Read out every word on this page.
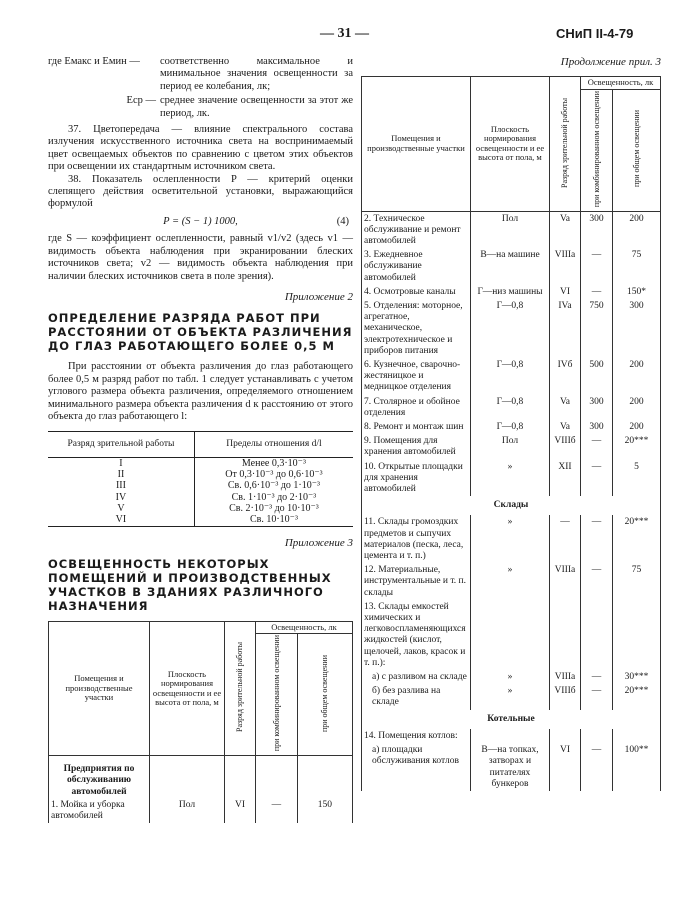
— 31 —	СНиП II-4-79
где Eмакс и Eмин —	соответственно максимальное и минимальное значения освещенности за период ее колебания, лк;
Eср — среднее значение освещенности за этот же период, лк.

37. Цветопередача — влияние спектрального состава излучения искусственного источника света на воспринимаемый цвет освещаемых объектов по сравнению с цветом этих объектов при освещении их стандартным источником света.

38. Показатель ослепленности P — критерий оценки слепящего действия осветительной установки, выражающийся формулой

P = (S − 1) 1000,	(4)

где S — коэффициент ослепленности, равный v1/v2 (здесь v1 — видимость объекта наблюдения при экранировании блеских источников света; v2 — видимость объекта наблюдения при наличии блеских источников света в поле зрения).

Приложение 2
ОПРЕДЕЛЕНИЕ РАЗРЯДА РАБОТ ПРИ РАССТОЯНИИ ОТ ОБЪЕКТА РАЗЛИЧЕНИЯ ДО ГЛАЗ РАБОТАЮЩЕГО БОЛЕЕ 0,5 М

При расстоянии от объекта различения до глаз работающего более 0,5 м разряд работ по табл. 1 следует устанавливать с учетом углового размера объекта различения, определяемого отношением минимального размера объекта различения d к расстоянию от этого объекта до глаз работающего l:

Разряд зрительной работы	Пределы отношения d/l
I	Менее 0,3·10⁻³
II	От 0,3·10⁻³ до 0,6·10⁻³
III	Св. 0,6·10⁻³ до 1·10⁻³
IV	Св. 1·10⁻³ до 2·10⁻³
V	Св. 2·10⁻³ до 10·10⁻³
VI	Св. 10·10⁻³
Приложение 3
ОСВЕЩЕННОСТЬ НЕКОТОРЫХ ПОМЕЩЕНИЙ И ПРОИЗВОДСТВЕННЫХ УЧАСТКОВ В ЗДАНИЯХ РАЗЛИЧНОГО НАЗНАЧЕНИЯ
Помещения и производственные участки	Плоскость нормирования освещенности и ее высота от пола, м	Разряд зрительной работы	Освещенность, лк	
			при комбинированном освещении	при общем освещении
Предприятия по обслуживанию автомобилей				
1. Мойка и уборка автомобилей	Пол	VI	—	150
Продолжение прил. 3
Помещения и производственные участки	Плоскость нормирования освещенности и ее высота от пола, м	Разряд зрительной работы	Освещенность, лк	
			при комбинированном освещении	при общем освещении
2. Техническое обслуживание и ремонт автомобилей	Пол	Va	300	200
3. Ежедневное обслуживание автомобилей	В—на машине	VIIIa	—	75
4. Осмотровые каналы	Г—низ машины	VI	—	150*
5. Отделения: моторное, агрегатное, механическое, электротехническое и приборов питания	Г—0,8	IVa	750	300
6. Кузнечное, сварочно-жестяницкое и медницкое отделения	Г—0,8	IVб	500	200
7. Столярное и обойное отделения	Г—0,8	Va	300	200
8. Ремонт и монтаж шин	Г—0,8	Va	300	200
9. Помещения для хранения автомобилей	Пол	VIIIб	—	20***
10. Открытые площадки для хранения автомобилей	»	XII	—	5
Склады				
11. Склады громоздких предметов и сыпучих материалов (песка, леса, цемента и т. п.)	»	—	—	20***
12. Материальные, инструментальные и т. п. склады	»	VIIIa	—	75
13. Склады емкостей химических и легковоспламеняющихся жидкостей (кислот, щелочей, лаков, красок и т. п.):				
а) с разливом на складе	»	VIIIa	—	30***
б) без разлива на складе	»	VIIIб	—	20***
Котельные				
14. Помещения котлов:				
а) площадки обслуживания котлов	В—на топках, затворах и питателях бункеров	VI	—	100**
